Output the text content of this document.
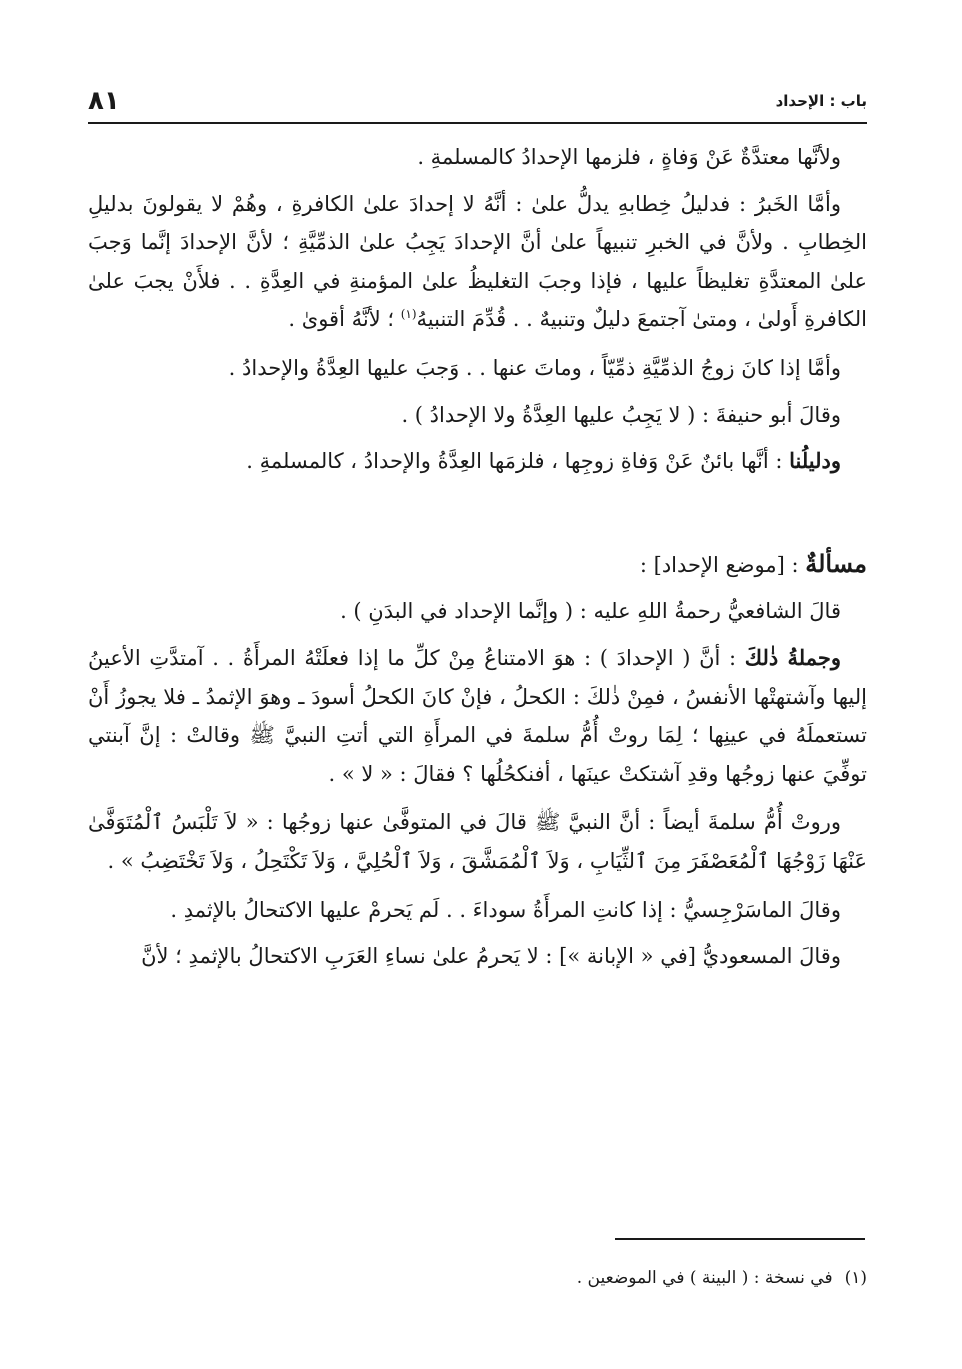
باب : الإحداد
٨١

ولأنَّها معتدَّةٌ عَنْ وَفاةٍ ، فلزمها الإحدادُ كالمسلمةِ .

وأمَّا الخَبرُ : فدليلُ خِطابهِ يدلُّ علىٰ : أنَّهُ لا إحدادَ علىٰ الكافرةِ ، وهُمْ لا يقولونَ بدليلِ الخِطابِ . ولأنَّ في الخبرِ تنبيهاً علىٰ أنَّ الإحدادَ يَجِبُ علىٰ الذمِّيَّةِ ؛ لأنَّ الإحدادَ إنَّما وَجبَ علىٰ المعتدَّةِ تغليظاً عليها ، فإذا وجبَ التغليظُ علىٰ المؤمنةِ في العِدَّةِ . . فلأَنْ يجبَ علىٰ الكافرةِ أَولىٰ ، ومتىٰ آجتمعَ دليلٌ وتنبيهٌ . . قُدِّمَ التنبيهُ$^{(١)}$ ؛ لأنَّهُ أقوىٰ .

وأمَّا إذا كانَ زوجُ الذمِّيَّةِ ذمِّيّاً ، وماتَ عنها . . وَجبَ عليها العِدَّةُ والإحدادُ .

وقالَ أبو حنيفةَ : ( لا يَجِبُ عليها العِدَّةُ ولا الإحدادُ ) .

ودليلُنا : أنَّها بائنٌ عَنْ وَفاةِ زوجِها ، فلزمَها العِدَّةُ والإحدادُ ، كالمسلمةِ .

مسألةٌ : [موضع الإحداد] :

قالَ الشافعيُّ رحمةُ اللهِ عليه : ( وإنَّما الإحداد في البدَنِ ) .

وجملةُ ذٰلكَ : أنَّ ( الإحدادَ ) : هوَ الامتناعُ مِنْ كلِّ ما إذا فعلَتْهُ المرأَةُ . . آمتدَّتِ الأعينُ إليها وآشتهتْها الأنفسُ ، فمِنْ ذٰلكَ : الكحلُ ، فإنْ كانَ الكحلُ أسودَ ـ وهوَ الإثمدُ ـ فلا يجوزُ أَنْ تستعملَهُ في عينِها ؛ لِمَا روتْ أُمُّ سلمةَ في المرأَةِ التي أتتِ النبيَّ ﷺ وقالتْ : إنَّ آبنتي توفِّيَ عنها زوجُها وقدِ آشتكتْ عينَها ، أفنكحُلُها ؟ فقالَ : « لا » .

وروتْ أُمُّ سلمةَ أيضاً : أنَّ النبيَّ ﷺ قالَ في المتوفَّىٰ عنها زوجُها : « لاَ تَلْبَسُ ٱلْمُتَوَفَّىٰ عَنْهَا زَوْجُهَا ٱلْمُعَصْفَرَ مِنَ ٱلثِّيَابِ ، وَلاَ ٱلْمُمَشَّقَ ، وَلاَ ٱلْحُلِيَّ ، وَلاَ تَكْتَحِلُ ، وَلاَ تَخْتَضِبُ » .

وقالَ الماسَرْجِسيُّ : إذا كانتِ المرأَةُ سوداءَ . . لَم يَحرمْ عليها الاكتحالُ بالإثمدِ .

وقالَ المسعوديُّ [في « الإبانة »] : لا يَحرمُ علىٰ نساءِ العَرَبِ الاكتحالُ بالإثمدِ ؛ لأنَّ

(١)
في نسخة : ( البينة ) في الموضعين .
